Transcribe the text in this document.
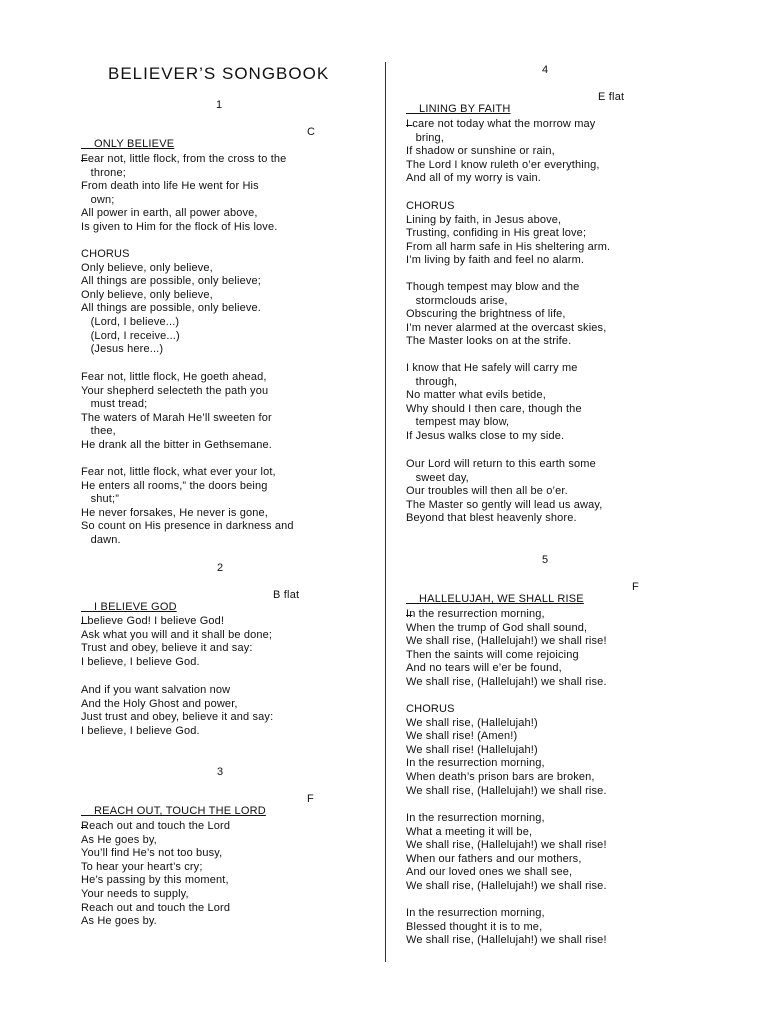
BELIEVER’S SONGBOOK
1

ONLY BELIEVE
C

Fear not, little flock, from the cross to the
throne;
From death into life He went for His
own;
All power in earth, all power above,
Is given to Him for the flock of His love.
CHORUS
Only believe, only believe,
All things are possible, only believe;
Only believe, only believe,
All things are possible, only believe.
(Lord, I believe...)
(Lord, I receive...)
(Jesus here...)
Fear not, little flock, He goeth ahead,
Your shepherd selecteth the path you
must tread;
The waters of Marah He’ll sweeten for
thee,
He drank all the bitter in Gethsemane.
Fear not, little flock, what ever your lot,
He enters all rooms,” the doors being
shut;”
He never forsakes, He never is gone,
So count on His presence in darkness and
dawn.
2

I BELIEVE GOD
B flat

I believe God! I believe God!
Ask what you will and it shall be done;
Trust and obey, believe it and say:
I believe, I believe God.
And if you want salvation now
And the Holy Ghost and power,
Just trust and obey, believe it and say:
I believe, I believe God.
3

REACH OUT, TOUCH THE LORD
F

Reach out and touch the Lord
As He goes by,
You’ll find He’s not too busy,
To hear your heart’s cry;
He’s passing by this moment,
Your needs to supply,
Reach out and touch the Lord
As He goes by.
4

LINING BY FAITH
E flat

I care not today what the morrow may
bring,
If shadow or sunshine or rain,
The Lord I know ruleth o’er everything,
And all of my worry is vain.
CHORUS
Lining by faith, in Jesus above,
Trusting, confiding in His great love;
From all harm safe in His sheltering arm.
I’m living by faith and feel no alarm.
Though tempest may blow and the
stormclouds arise,
Obscuring the brightness of life,
I’m never alarmed at the overcast skies,
The Master looks on at the strife.
I know that He safely will carry me
through,
No matter what evils betide,
Why should I then care, though the
tempest may blow,
If Jesus walks close to my side.
Our Lord will return to this earth some
sweet day,
Our troubles will then all be o’er.
The Master so gently will lead us away,
Beyond that blest heavenly shore.
5

HALLELUJAH, WE SHALL RISE
F

In the resurrection morning,
When the trump of God shall sound,
We shall rise, (Hallelujah!) we shall rise!
Then the saints will come rejoicing
And no tears will e’er be found,
We shall rise, (Hallelujah!) we shall rise.
CHORUS
We shall rise, (Hallelujah!)
We shall rise! (Amen!)
We shall rise! (Hallelujah!)
In the resurrection morning,
When death’s prison bars are broken,
We shall rise, (Hallelujah!) we shall rise.
In the resurrection morning,
What a meeting it will be,
We shall rise, (Hallelujah!) we shall rise!
When our fathers and our mothers,
And our loved ones we shall see,
We shall rise, (Hallelujah!) we shall rise.
In the resurrection morning,
Blessed thought it is to me,
We shall rise, (Hallelujah!) we shall rise!
